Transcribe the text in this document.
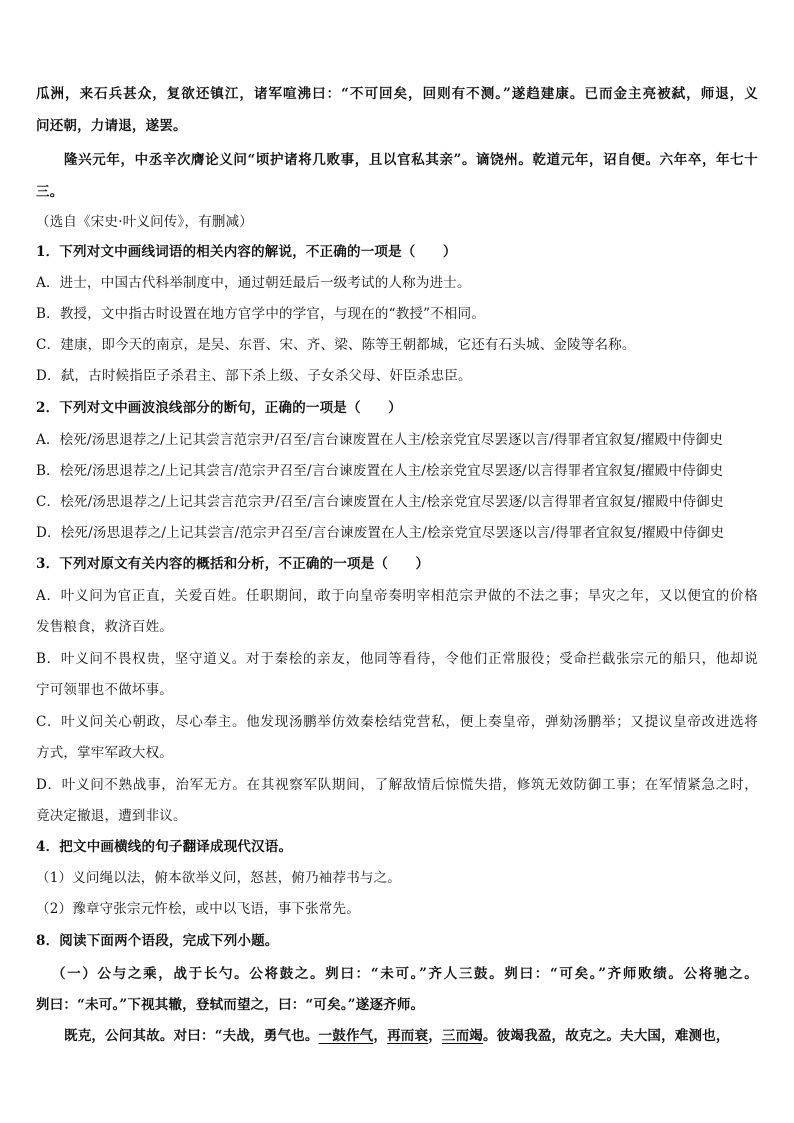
瓜洲，来石兵甚众，复欲还镇江，诸军喧沸曰：“不可回矣，回则有不测。”遂趋建康。已而金主亮被弑，师退，义
问还朝，力请退，遂罢。
隆兴元年，中丞辛次膺论义问“顷护诸将几败事，且以官私其亲”。谪饶州。乾道元年，诏自便。六年卒，年七十
三。
（选自《宋史·叶义问传》，有删减）
1．下列对文中画线词语的相关内容的解说，不正确的一项是（　　）
A．进士，中国古代科举制度中，通过朝廷最后一级考试的人称为进士。
B．教授，文中指古时设置在地方官学中的学官，与现在的“教授”不相同。
C．建康，即今天的南京，是吴、东晋、宋、齐、梁、陈等王朝都城，它还有石头城、金陵等名称。
D．弑，古时候指臣子杀君主、部下杀上级、子女杀父母、奸臣杀忠臣。
2．下列对文中画波浪线部分的断句，正确的一项是（　　）
A．桧死/汤思退荐之/上记其尝言范宗尹/召至/言台谏废置在人主/桧亲党宜尽罢逐以言/得罪者宜叙复/擢殿中侍御史
B．桧死/汤思退荐之/上记其尝言/范宗尹召至/言台谏废置在人主/桧亲党宜尽罢逐/以言得罪者宜叙复/擢殿中侍御史
C．桧死/汤思退荐之/上记其尝言范宗尹/召至/言台谏废置在人主/桧亲党宜尽罢逐/以言得罪者宜叙复/擢殿中侍御史
D．桧死/汤思退荐之/上记其尝言/范宗尹召至/言台谏废置在人主/桧亲党宜尽罢逐以言/得罪者宜叙复/擢殿中侍御史
3．下列对原文有关内容的概括和分析，不正确的一项是（　　）
A．叶义问为官正直，关爱百姓。任职期间，敢于向皇帝奏明宰相范宗尹做的不法之事；旱灾之年，又以便宜的价格
发售粮食，救济百姓。
B．叶义问不畏权贵，坚守道义。对于秦桧的亲友，他同等看待，令他们正常服役；受命拦截张宗元的船只，他却说
宁可领罪也不做坏事。
C．叶义问关心朝政，尽心奉主。他发现汤鹏举仿效秦桧结党营私，便上奏皇帝，弹劾汤鹏举；又提议皇帝改进选将
方式，掌牢军政大权。
D．叶义问不熟战事，治军无方。在其视察军队期间，了解敌情后惊慌失措，修筑无效防御工事；在军情紧急之时，
竟决定撤退，遭到非议。
4．把文中画横线的句子翻译成现代汉语。
（1）义问绳以法，俯本欲举义问，怒甚，俯乃袖荐书与之。
（2）豫章守张宗元忤桧，或中以飞语，事下张常先。
8．阅读下面两个语段，完成下列小题。
（一）公与之乘，战于长勺。公将鼓之。刿曰：“未可。”齐人三鼓。刿曰：“可矣。”齐师败绩。公将驰之。
刿曰：“未可。”下视其辙，登轼而望之，曰：“可矣。”遂逐齐师。
既克，公问其故。对曰：“夫战，勇气也。一鼓作气，再而衰，三而竭。彼竭我盈，故克之。夫大国，难测也，
